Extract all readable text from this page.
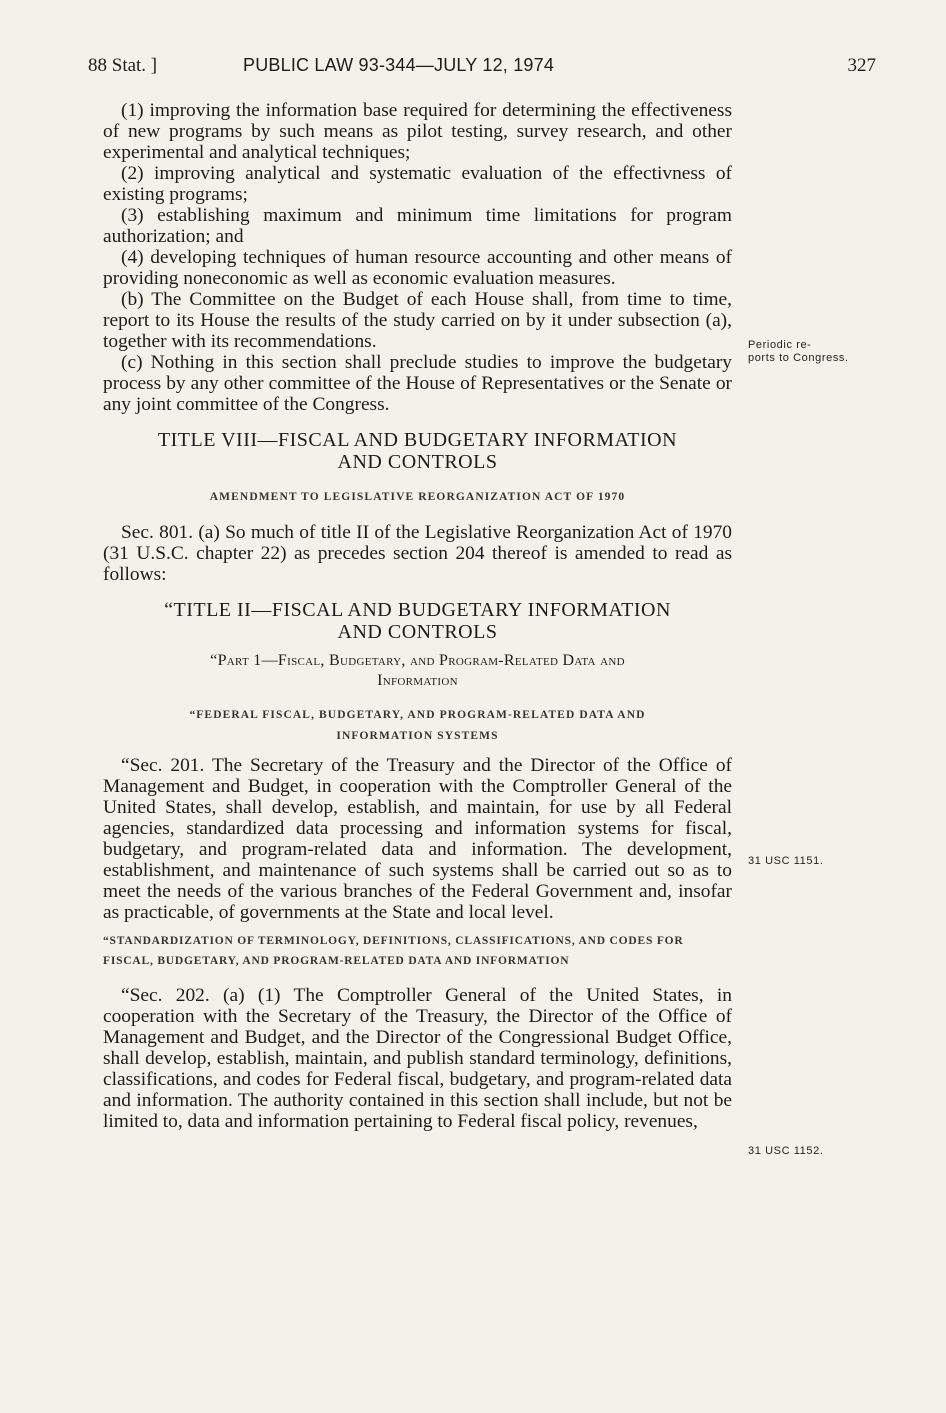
88 Stat. ]	PUBLIC LAW 93-344—JULY 12, 1974	327

(1) improving the information base required for determining the effectiveness of new programs by such means as pilot testing, survey research, and other experimental and analytical techniques;

(2) improving analytical and systematic evaluation of the effectivness of existing programs;

(3) establishing maximum and minimum time limitations for program authorization; and

(4) developing techniques of human resource accounting and other means of providing noneconomic as well as economic evaluation measures.

(b) The Committee on the Budget of each House shall, from time to time, report to its House the results of the study carried on by it under subsection (a), together with its recommendations.

(c) Nothing in this section shall preclude studies to improve the budgetary process by any other committee of the House of Representatives or the Senate or any joint committee of the Congress.

TITLE VIII—FISCAL AND BUDGETARY INFORMATION

AND CONTROLS

AMENDMENT TO LEGISLATIVE REORGANIZATION ACT OF 1970

Sec. 801. (a) So much of title II of the Legislative Reorganization Act of 1970 (31 U.S.C. chapter 22) as precedes section 204 thereof is amended to read as follows:

“TITLE II—FISCAL AND BUDGETARY INFORMATION

AND CONTROLS

“Part 1—Fiscal, Budgetary, and Program-Related Data and

Information

“FEDERAL FISCAL, BUDGETARY, AND PROGRAM-RELATED DATA AND

INFORMATION SYSTEMS

“Sec. 201. The Secretary of the Treasury and the Director of the Office of Management and Budget, in cooperation with the Comptroller General of the United States, shall develop, establish, and maintain, for use by all Federal agencies, standardized data processing and information systems for fiscal, budgetary, and program-related data and information. The development, establishment, and maintenance of such systems shall be carried out so as to meet the needs of the various branches of the Federal Government and, insofar as practicable, of governments at the State and local level.

“STANDARDIZATION OF TERMINOLOGY, DEFINITIONS, CLASSIFICATIONS, AND CODES FOR FISCAL, BUDGETARY, AND PROGRAM-RELATED DATA AND INFORMATION

“Sec. 202. (a) (1) The Comptroller General of the United States, in cooperation with the Secretary of the Treasury, the Director of the Office of Management and Budget, and the Director of the Congressional Budget Office, shall develop, establish, maintain, and publish standard terminology, definitions, classifications, and codes for Federal fiscal, budgetary, and program-related data and information. The authority contained in this section shall include, but not be limited to, data and information pertaining to Federal fiscal policy, revenues,

Periodic re-
ports to Congress.
31 USC 1151.
31 USC 1152.
